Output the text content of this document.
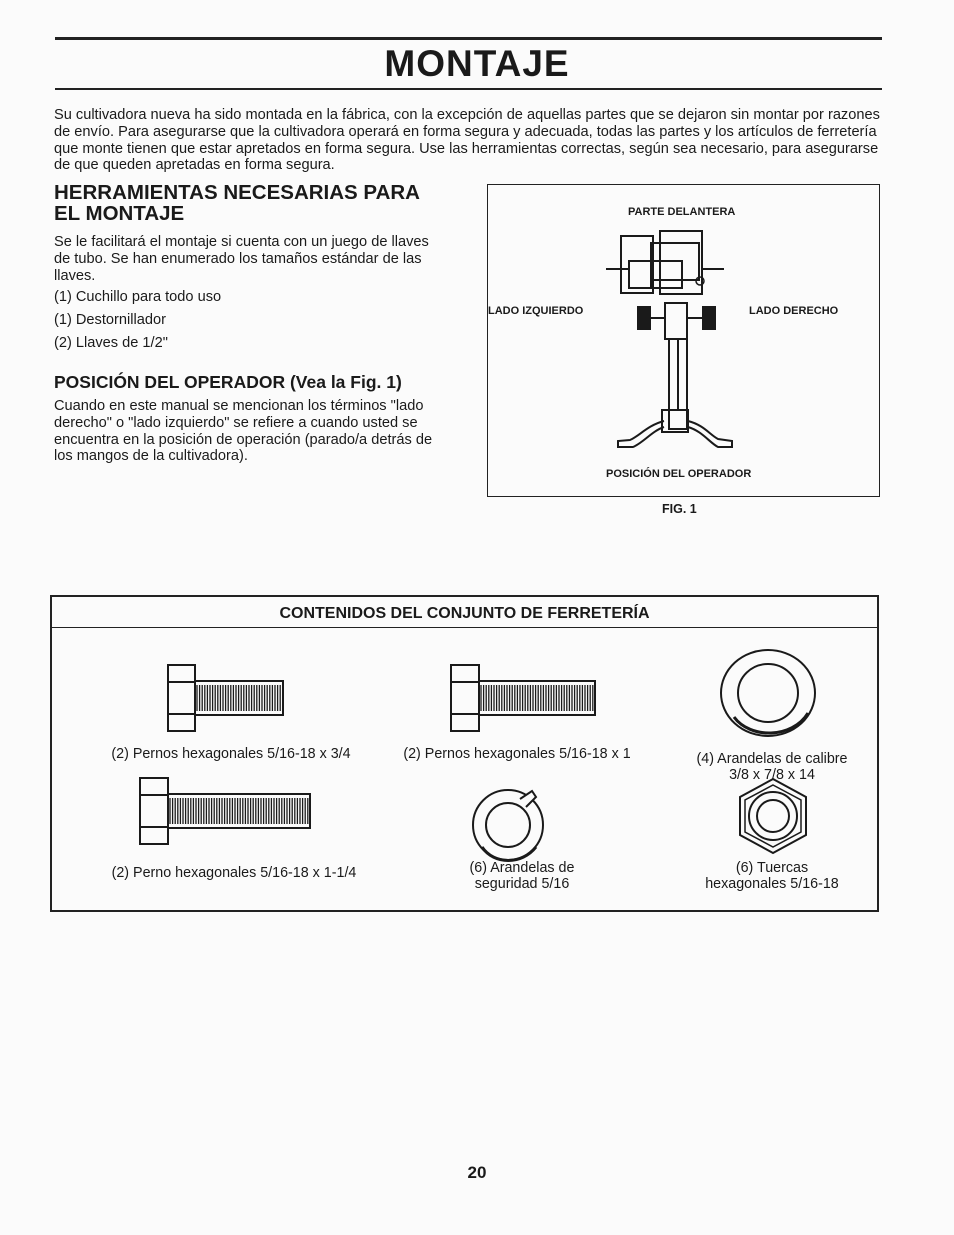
MONTAJE
Su cultivadora nueva ha sido montada en la fábrica, con la excepción de aquellas partes que se dejaron sin montar por razones de envío. Para asegurarse que la cultivadora operará en forma segura y adecuada, todas las partes y los artículos de ferretería que monte tienen que estar apretados en forma segura. Use las herramientas correctas, según sea necesario, para asegurarse de que queden apretadas en forma segura.
HERRAMIENTAS NECESARIAS PARA
EL MONTAJE
Se le facilitará el montaje si cuenta con un juego de llaves de tubo. Se han enumerado los tamaños estándar de las llaves.
(1) Cuchillo para todo uso
(1) Destornillador
(2) Llaves de 1/2"
POSICIÓN DEL OPERADOR (Vea la Fig. 1)
Cuando en este manual se mencionan los términos "lado derecho" o "lado izquierdo" se refiere a cuando usted se encuentra en la posición de operación (parado/a detrás de los mangos de la cultivadora).
PARTE DELANTERA
LADO IZQUIERDO	LADO DERECHO
POSICIÓN DEL OPERADOR
FIG. 1
CONTENIDOS DEL CONJUNTO DE FERRETERÍA
(2) Pernos hexagonales 5/16-18 x 3/4	(2) Pernos hexagonales 5/16-18 x 1	(4) Arandelas de calibre
3/8 x 7/8 x 14
(2) Perno hexagonales 5/16-18 x 1-1/4	(6) Arandelas de
seguridad 5/16
(6) Tuercas
hexagonales 5/16-18
20
